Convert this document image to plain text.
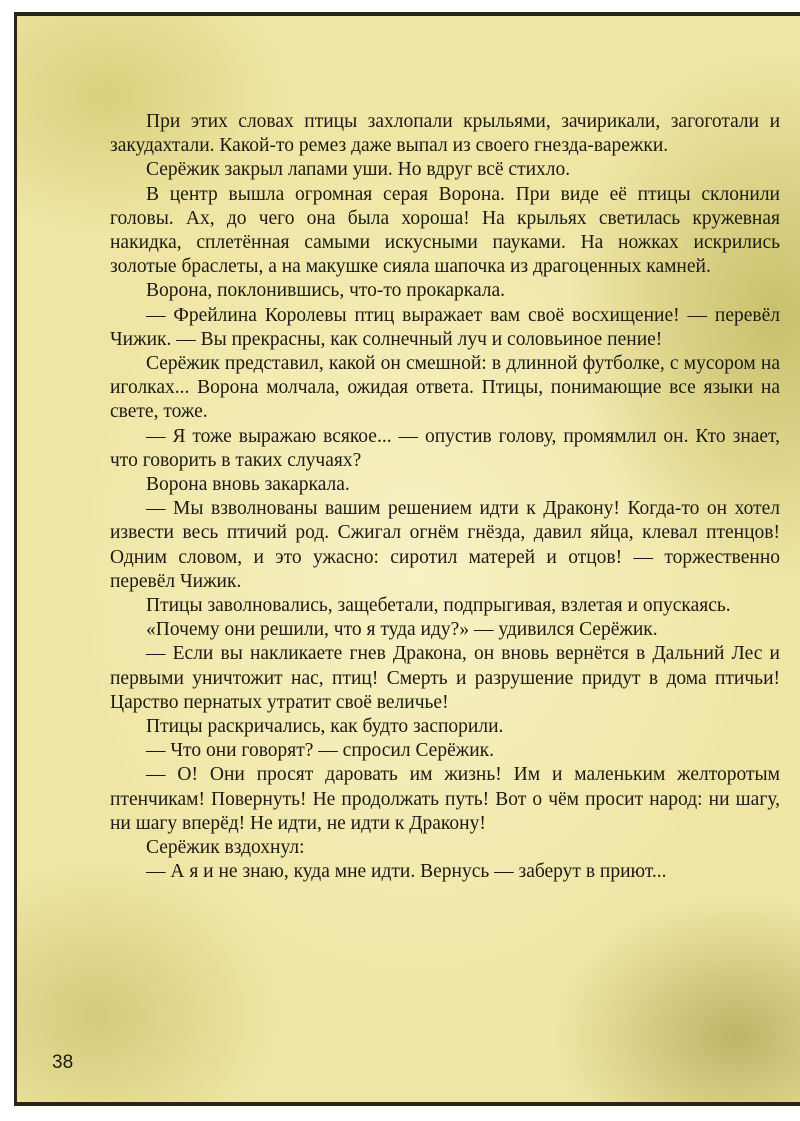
При этих словах птицы захлопали крыльями, зачирикали, загоготали и закудахтали. Какой-то ремез даже выпал из своего гнезда-варежки.

Серёжик закрыл лапами уши. Но вдруг всё стихло.

В центр вышла огромная серая Ворона. При виде её птицы склонили головы. Ах, до чего она была хороша! На крыльях светилась кружевная накидка, сплетённая самыми искусными пауками. На ножках искрились золотые браслеты, а на макушке сияла шапочка из драгоценных камней.

Ворона, поклонившись, что-то прокаркала.

— Фрейлина Королевы птиц выражает вам своё восхищение! — перевёл Чижик. — Вы прекрасны, как солнечный луч и соловьиное пение!

Серёжик представил, какой он смешной: в длинной футболке, с мусором на иголках... Ворона молчала, ожидая ответа. Птицы, понимающие все языки на свете, тоже.

— Я тоже выражаю всякое... — опустив голову, промямлил он. Кто знает, что говорить в таких случаях?

Ворона вновь закаркала.

— Мы взволнованы вашим решением идти к Дракону! Когда-то он хотел извести весь птичий род. Сжигал огнём гнёзда, давил яйца, клевал птенцов! Одним словом, и это ужасно: сиротил матерей и отцов! — торжественно перевёл Чижик.

Птицы заволновались, защебетали, подпрыгивая, взлетая и опускаясь.

«Почему они решили, что я туда иду?» — удивился Серёжик.

— Если вы накликаете гнев Дракона, он вновь вернётся в Дальний Лес и первыми уничтожит нас, птиц! Смерть и разрушение придут в дома птичьи! Царство пернатых утратит своё величье!

Птицы раскричались, как будто заспорили.

— Что они говорят? — спросил Серёжик.

— О! Они просят даровать им жизнь! Им и маленьким желторотым птенчикам! Повернуть! Не продолжать путь! Вот о чём просит народ: ни шагу, ни шагу вперёд! Не идти, не идти к Дракону!

Серёжик вздохнул:

— А я и не знаю, куда мне идти. Вернусь — заберут в приют...

38
